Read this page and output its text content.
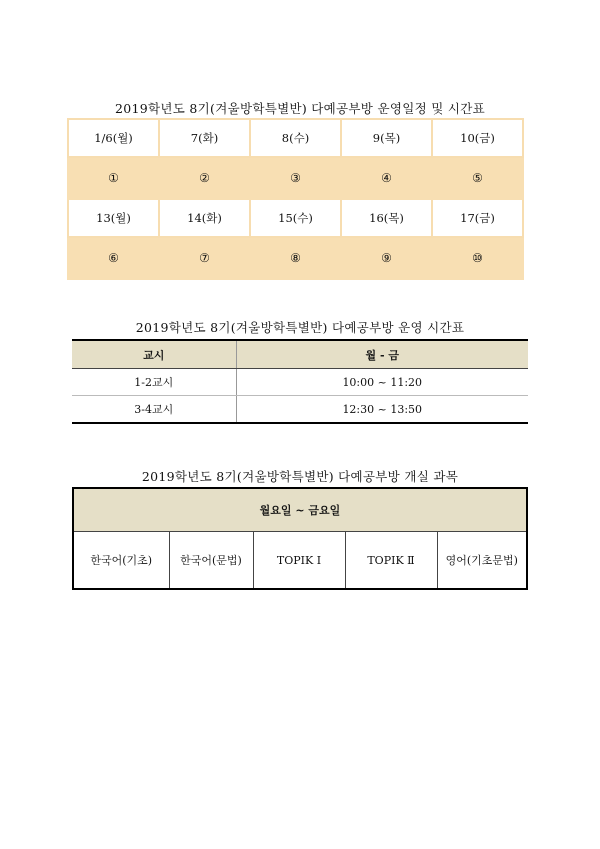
2019학년도 8기(겨울방학특별반) 다예공부방 운영일정 및 시간표
1/6(월)	7(화)	8(수)	9(목)	10(금)
①	②	③	④	⑤
13(월)	14(화)	15(수)	16(목)	17(금)
⑥	⑦	⑧	⑨	⑩
2019학년도 8기(겨울방학특별반) 다예공부방 운영 시간표
교시	월 - 금
1-2교시	10:00 ~ 11:20
3-4교시	12:30 ~ 13:50
2019학년도 8기(겨울방학특별반) 다예공부방 개실 과목
월요일 ~ 금요일
한국어(기초)	한국어(문법)	TOPIK Ⅰ	TOPIK Ⅱ	영어(기초문법)
